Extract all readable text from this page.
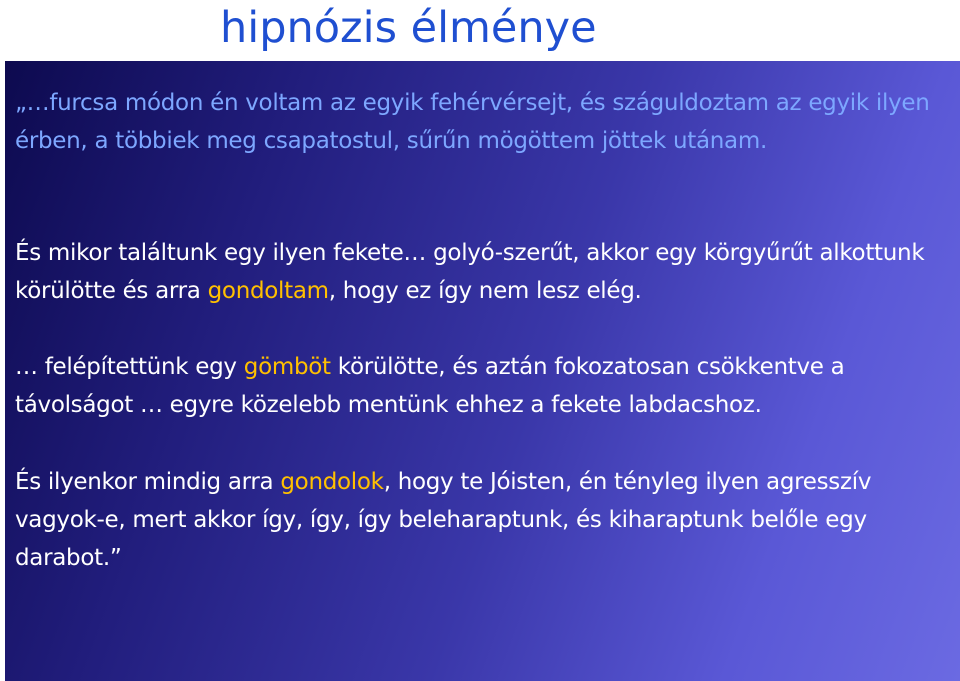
hipnózis élménye

„…furcsa módon én voltam az egyik fehérvérsejt, és száguldoztam az egyik ilyen érben, a többiek meg csapatostul, sűrűn mögöttem jöttek utánam.

És mikor találtunk egy ilyen fekete… golyó-szerűt, akkor egy körgyűrűt alkottunk körülötte és arra gondoltam, hogy ez így nem lesz elég.

… felépítettünk egy gömböt körülötte, és aztán fokozatosan csökkentve a távolságot … egyre közelebb mentünk ehhez a fekete labdacshoz.

És ilyenkor mindig arra gondolok, hogy te Jóisten, én tényleg ilyen agresszív vagyok-e, mert akkor így, így, így beleharaptunk, és kiharaptunk belőle egy darabot.”
